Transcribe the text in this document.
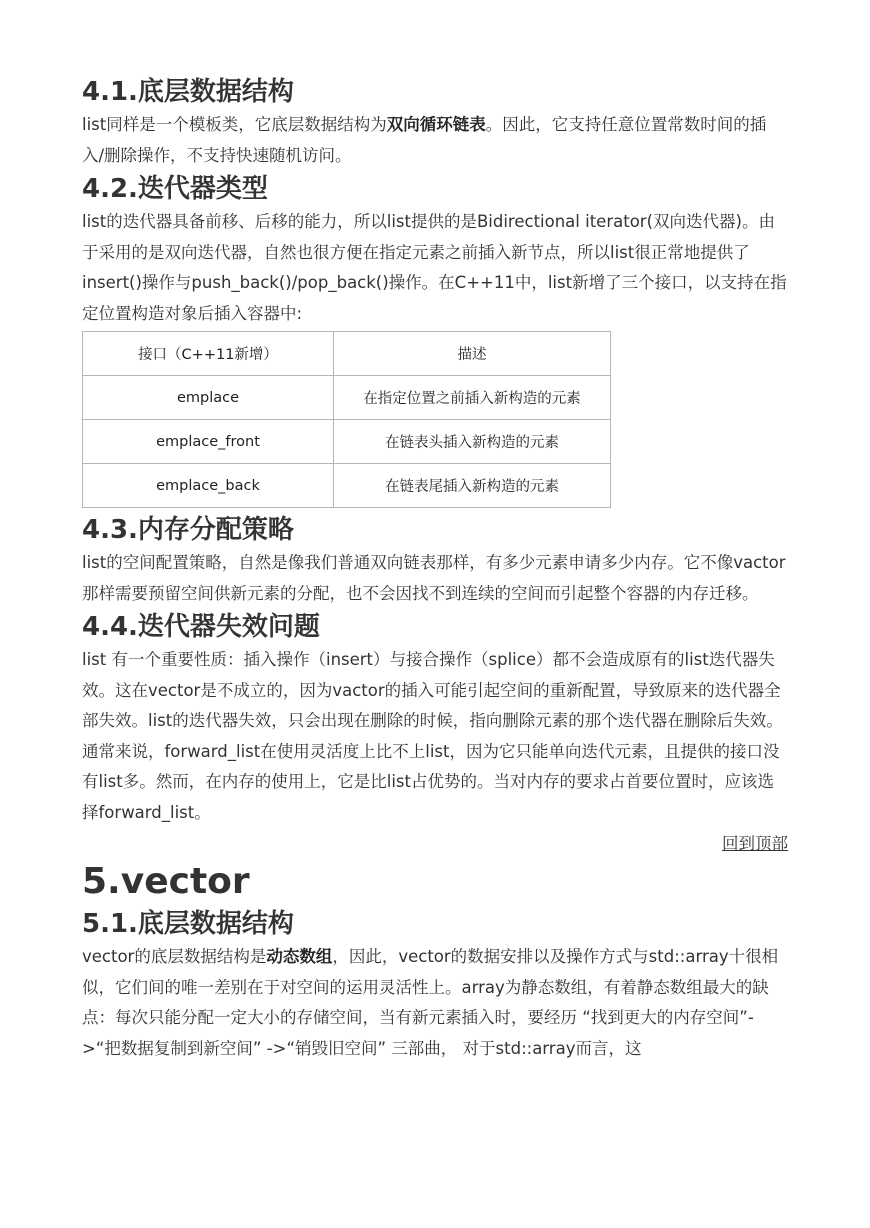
4.1.底层数据结构

list同样是一个模板类，它底层数据结构为双向循环链表。因此，它支持任意位置常数时间的插入/删除操作，不支持快速随机访问。

4.2.迭代器类型

list的迭代器具备前移、后移的能力，所以list提供的是Bidirectional iterator(双向迭代器)。由于采用的是双向迭代器，自然也很方便在指定元素之前插入新节点，所以list很正常地提供了insert()操作与push_back()/pop_back()操作。在C++11中，list新增了三个接口，以支持在指定位置构造对象后插入容器中:

接口（C++11新增）	描述
emplace	在指定位置之前插入新构造的元素
emplace_front	在链表头插入新构造的元素
emplace_back	在链表尾插入新构造的元素
4.3.内存分配策略

list的空间配置策略，自然是像我们普通双向链表那样，有多少元素申请多少内存。它不像vactor那样需要预留空间供新元素的分配，也不会因找不到连续的空间而引起整个容器的内存迁移。

4.4.迭代器失效问题

list 有一个重要性质：插入操作（insert）与接合操作（splice）都不会造成原有的list迭代器失效。这在vector是不成立的，因为vactor的插入可能引起空间的重新配置，导致原来的迭代器全部失效。list的迭代器失效，只会出现在删除的时候，指向删除元素的那个迭代器在删除后失效。

通常来说，forward_list在使用灵活度上比不上list，因为它只能单向迭代元素，且提供的接口没有list多。然而，在内存的使用上，它是比list占优势的。当对内存的要求占首要位置时，应该选择forward_list。

回到顶部
5.vector
5.1.底层数据结构

vector的底层数据结构是动态数组，因此，vector的数据安排以及操作方式与std::array十很相似，它们间的唯一差别在于对空间的运用灵活性上。array为静态数组，有着静态数组最大的缺点：每次只能分配一定大小的存储空间，当有新元素插入时，要经历 “找到更大的内存空间”->“把数据复制到新空间” ->“销毁旧空间” 三部曲， 对于std::array而言，这
